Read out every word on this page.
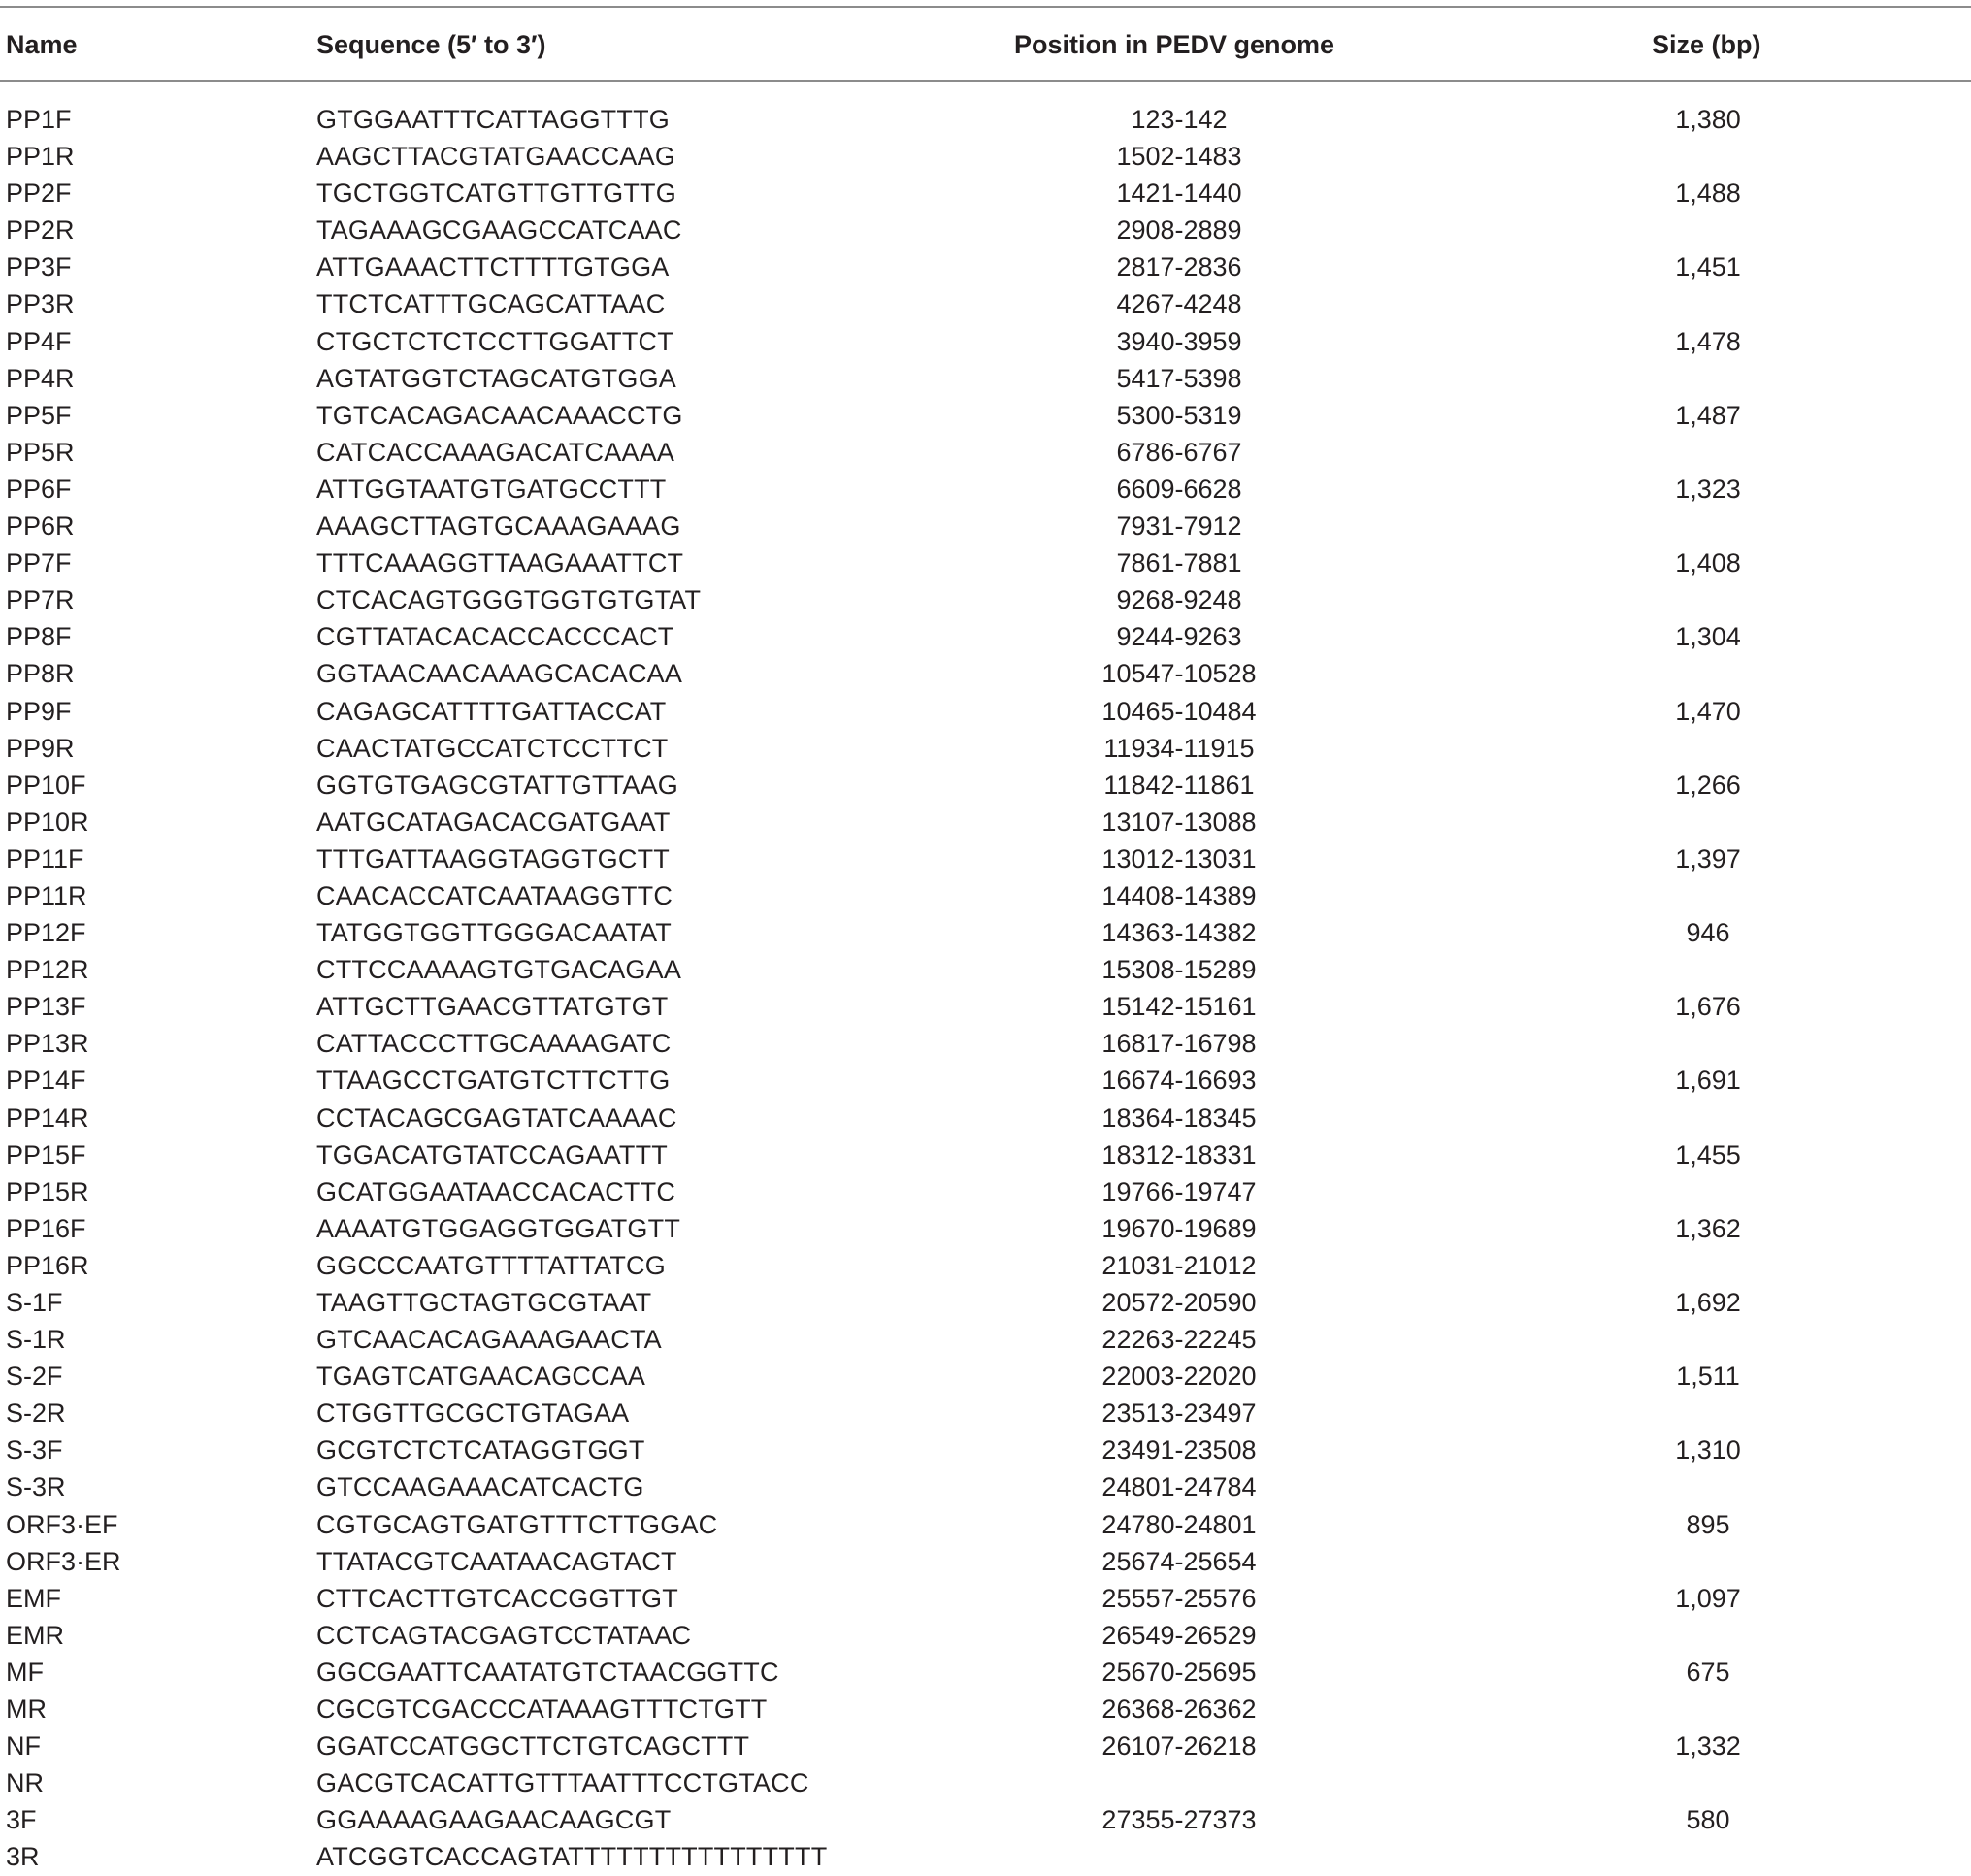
Name	Sequence (5′ to 3′)	Position in PEDV genome	Size (bp)
PP1F	GTGGAATTTCATTAGGTTTG	123-142	1,380
PP1R	AAGCTTACGTATGAACCAAG	1502-1483
PP2F	TGCTGGTCATGTTGTTGTTG	1421-1440	1,488
PP2R	TAGAAAGCGAAGCCATCAAC	2908-2889
PP3F	ATTGAAACTTCTTTTGTGGA	2817-2836	1,451
PP3R	TTCTCATTTGCAGCATTAAC	4267-4248
PP4F	CTGCTCTCTCCTTGGATTCT	3940-3959	1,478
PP4R	AGTATGGTCTAGCATGTGGA	5417-5398
PP5F	TGTCACAGACAACAAACCTG	5300-5319	1,487
PP5R	CATCACCAAAGACATCAAAA	6786-6767
PP6F	ATTGGTAATGTGATGCCTTT	6609-6628	1,323
PP6R	AAAGCTTAGTGCAAAGAAAG	7931-7912
PP7F	TTTCAAAGGTTAAGAAATTCT	7861-7881	1,408
PP7R	CTCACAGTGGGTGGTGTGTAT	9268-9248
PP8F	CGTTATACACACCACCCACT	9244-9263	1,304
PP8R	GGTAACAACAAAGCACACAA	10547-10528
PP9F	CAGAGCATTTTGATTACCAT	10465-10484	1,470
PP9R	CAACTATGCCATCTCCTTCT	11934-11915
PP10F	GGTGTGAGCGTATTGTTAAG	11842-11861	1,266
PP10R	AATGCATAGACACGATGAAT	13107-13088
PP11F	TTTGATTAAGGTAGGTGCTT	13012-13031	1,397
PP11R	CAACACCATCAATAAGGTTC	14408-14389
PP12F	TATGGTGGTTGGGACAATAT	14363-14382	946
PP12R	CTTCCAAAAGTGTGACAGAA	15308-15289
PP13F	ATTGCTTGAACGTTATGTGT	15142-15161	1,676
PP13R	CATTACCCTTGCAAAAGATC	16817-16798
PP14F	TTAAGCCTGATGTCTTCTTG	16674-16693	1,691
PP14R	CCTACAGCGAGTATCAAAAC	18364-18345
PP15F	TGGACATGTATCCAGAATTT	18312-18331	1,455
PP15R	GCATGGAATAACCACACTTC	19766-19747
PP16F	AAAATGTGGAGGTGGATGTT	19670-19689	1,362
PP16R	GGCCCAATGTTTTATTATCG	21031-21012
S-1F	TAAGTTGCTAGTGCGTAAT	20572-20590	1,692
S-1R	GTCAACACAGAAAGAACTA	22263-22245
S-2F	TGAGTCATGAACAGCCAA	22003-22020	1,511
S-2R	CTGGTTGCGCTGTAGAA	23513-23497
S-3F	GCGTCTCTCATAGGTGGT	23491-23508	1,310
S-3R	GTCCAAGAAACATCACTG	24801-24784
ORF3·EF	CGTGCAGTGATGTTTCTTGGAC	24780-24801	895
ORF3·ER	TTATACGTCAATAACAGTACT	25674-25654
EMF	CTTCACTTGTCACCGGTTGT	25557-25576	1,097
EMR	CCTCAGTACGAGTCCTATAAC	26549-26529
MF	GGCGAATTCAATATGTCTAACGGTTC	25670-25695	675
MR	CGCGTCGACCCATAAAGTTTCTGTT	26368-26362
NF	GGATCCATGGCTTCTGTCAGCTTT	26107-26218	1,332
NR	GACGTCACATTGTTTAATTTCCTGTACC
3F	GGAAAAGAAGAACAAGCGT	27355-27373	580
3R	ATCGGTCACCAGTATTTTTTTTTTTTTTTT
